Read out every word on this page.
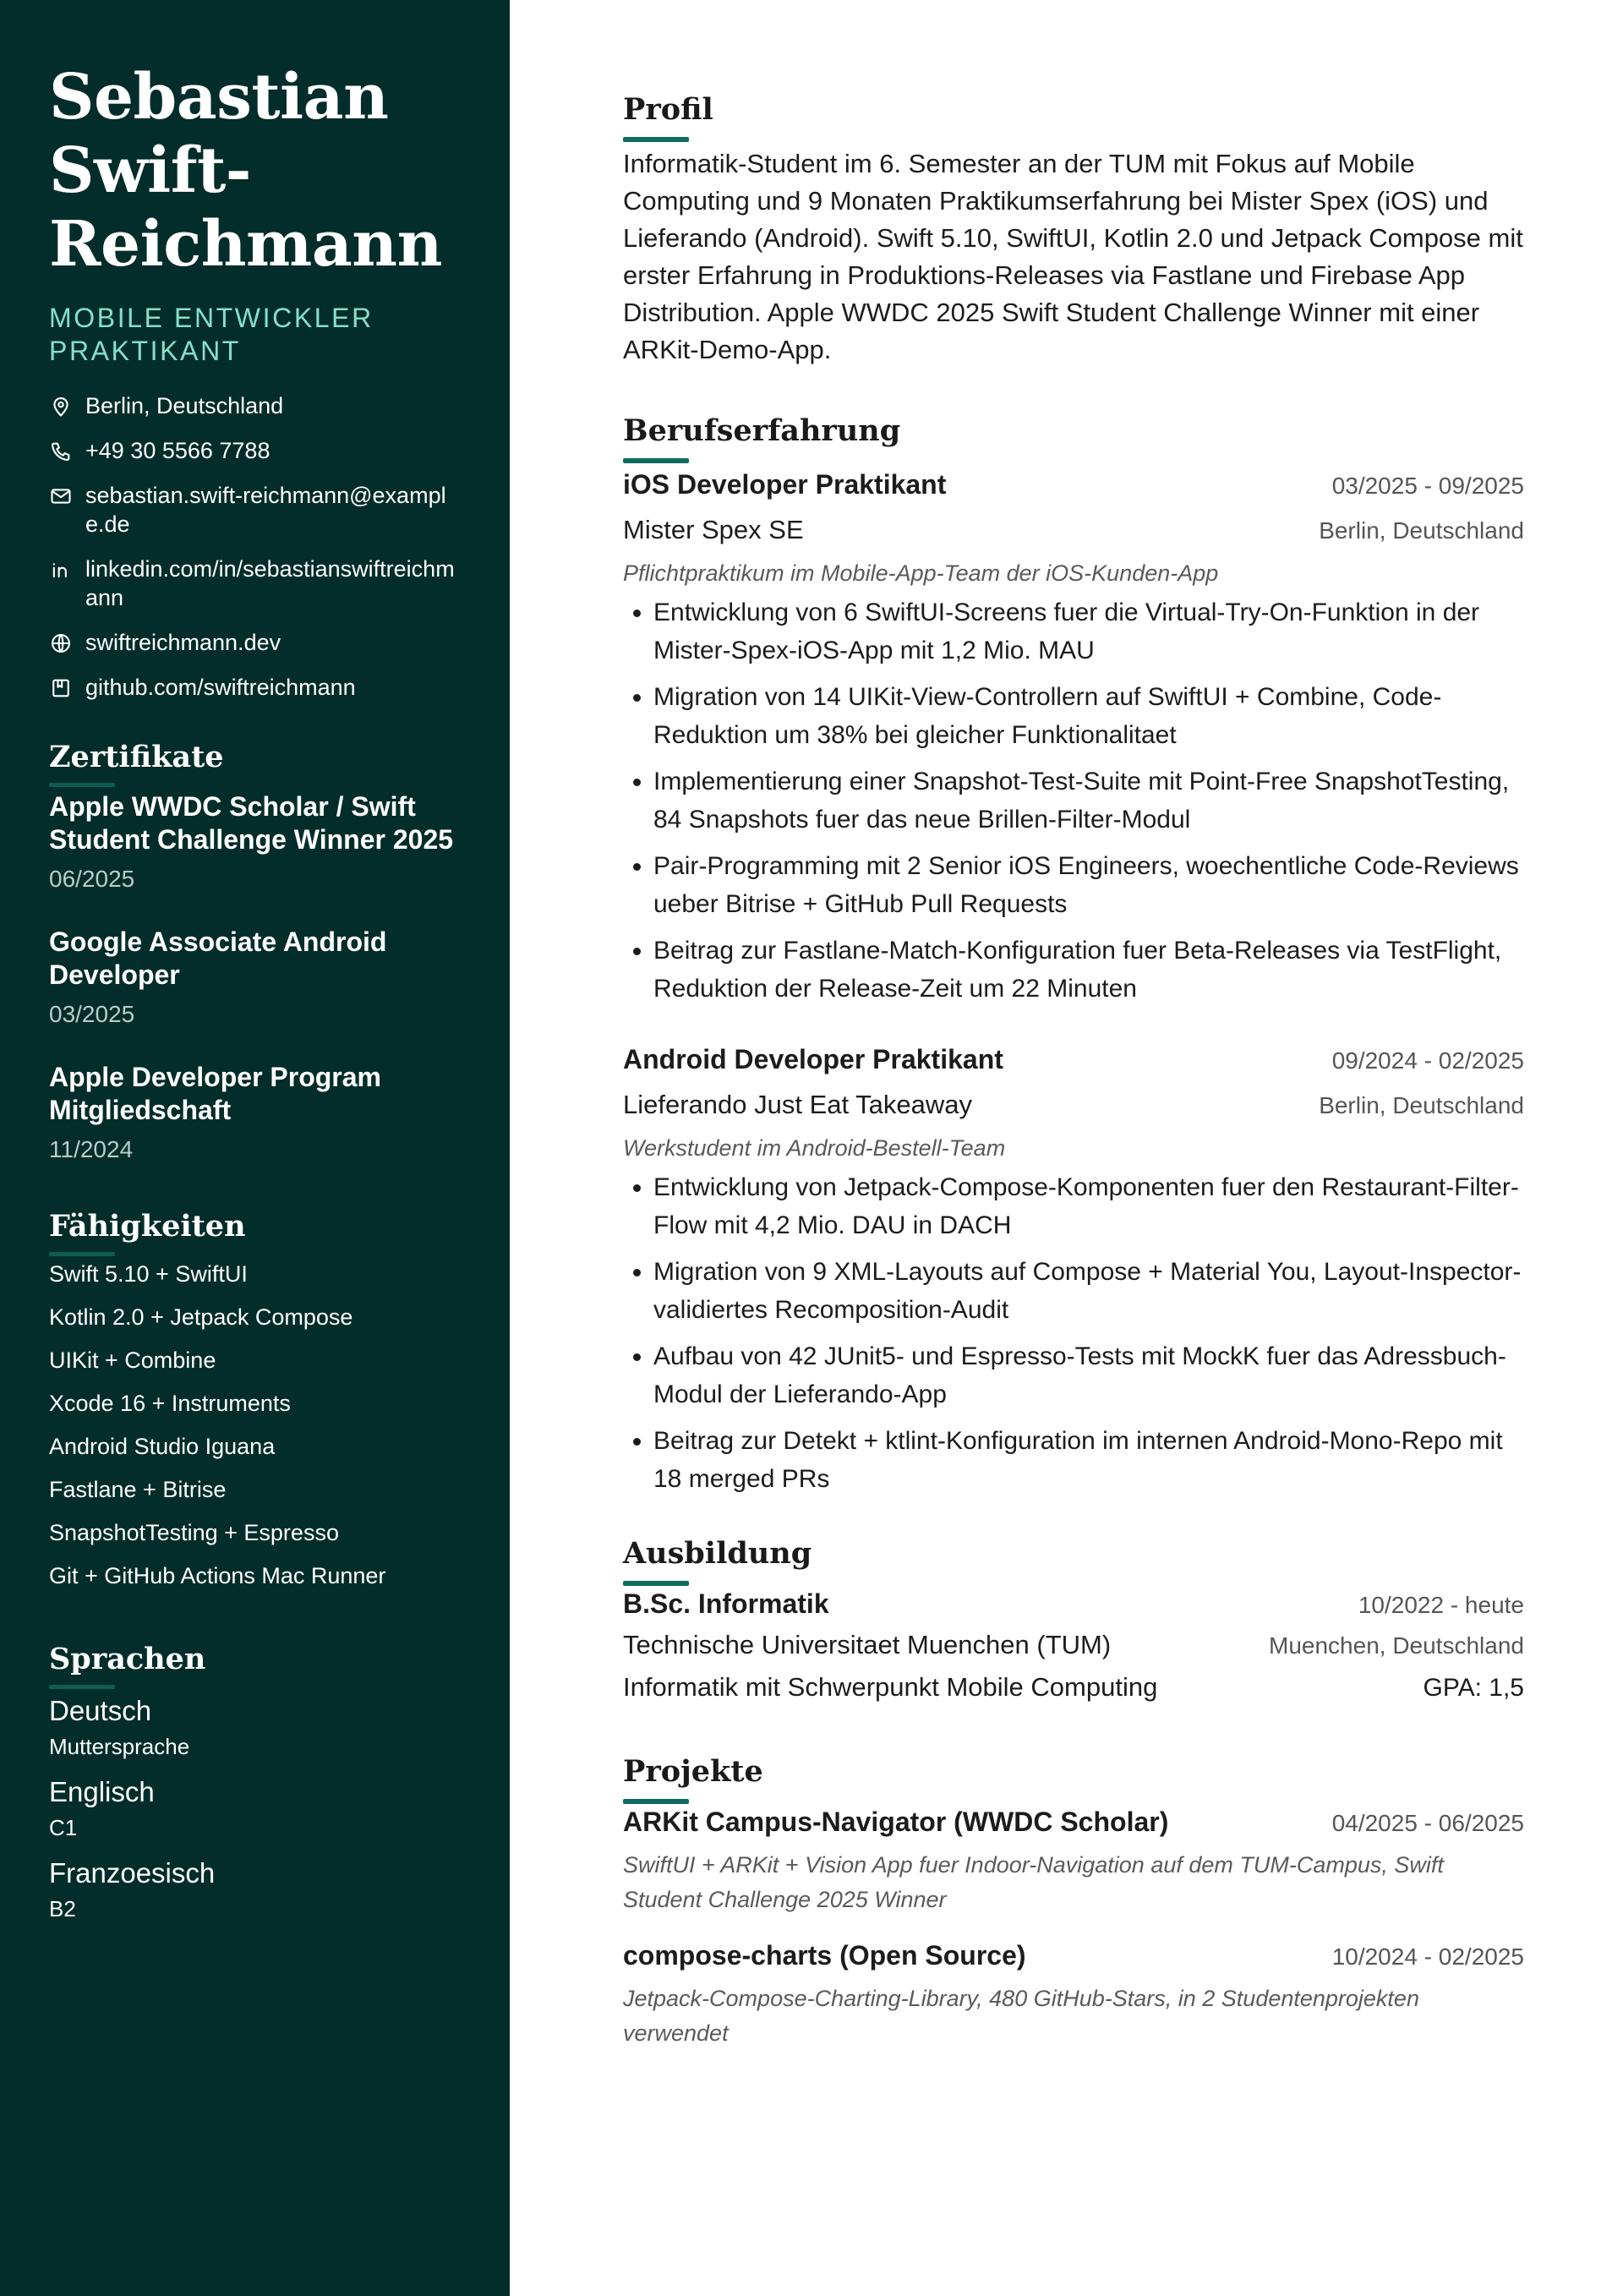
Sebastian
Swift-
Reichmann
MOBILE ENTWICKLER
PRAKTIKANT
Berlin, Deutschland
+49 30 5566 7788
sebastian.swift-reichmann@example.de
linkedin.com/in/sebastianswiftreichmann
swiftreichmann.dev
github.com/swiftreichmann
Zertifikate
Apple WWDC Scholar / Swift Student Challenge Winner 2025
06/2025
Google Associate Android Developer
03/2025
Apple Developer Program Mitgliedschaft
11/2024
Fähigkeiten
Swift 5.10 + SwiftUI
Kotlin 2.0 + Jetpack Compose
UIKit + Combine
Xcode 16 + Instruments
Android Studio Iguana
Fastlane + Bitrise
SnapshotTesting + Espresso
Git + GitHub Actions Mac Runner
Sprachen
Deutsch
Muttersprache
Englisch
C1
Franzoesisch
B2
Profil

Informatik-Student im 6. Semester an der TUM mit Fokus auf Mobile Computing und 9 Monaten Praktikumserfahrung bei Mister Spex (iOS) und Lieferando (Android). Swift 5.10, SwiftUI, Kotlin 2.0 und Jetpack Compose mit erster Erfahrung in Produktions-Releases via Fastlane und Firebase App Distribution. Apple WWDC 2025 Swift Student Challenge Winner mit einer ARKit-Demo-App.

Berufserfahrung
iOS Developer Praktikant	03/2025 - 09/2025
Mister Spex SE	Berlin, Deutschland
Pflichtpraktikum im Mobile-App-Team der iOS-Kunden-App
• Entwicklung von 6 SwiftUI-Screens fuer die Virtual-Try-On-Funktion in der Mister-Spex-iOS-App mit 1,2 Mio. MAU
• Migration von 14 UIKit-View-Controllern auf SwiftUI + Combine, Code-Reduktion um 38% bei gleicher Funktionalitaet
• Implementierung einer Snapshot-Test-Suite mit Point-Free SnapshotTesting, 84 Snapshots fuer das neue Brillen-Filter-Modul
• Pair-Programming mit 2 Senior iOS Engineers, woechentliche Code-Reviews ueber Bitrise + GitHub Pull Requests
• Beitrag zur Fastlane-Match-Konfiguration fuer Beta-Releases via TestFlight, Reduktion der Release-Zeit um 22 Minuten
Android Developer Praktikant	09/2024 - 02/2025
Lieferando Just Eat Takeaway	Berlin, Deutschland
Werkstudent im Android-Bestell-Team
• Entwicklung von Jetpack-Compose-Komponenten fuer den Restaurant-Filter-Flow mit 4,2 Mio. DAU in DACH
• Migration von 9 XML-Layouts auf Compose + Material You, Layout-Inspector-validiertes Recomposition-Audit
• Aufbau von 42 JUnit5- und Espresso-Tests mit MockK fuer das Adressbuch-Modul der Lieferando-App
• Beitrag zur Detekt + ktlint-Konfiguration im internen Android-Mono-Repo mit 18 merged PRs
Ausbildung
B.Sc. Informatik	10/2022 - heute
Technische Universitaet Muenchen (TUM)	Muenchen, Deutschland
Informatik mit Schwerpunkt Mobile Computing	GPA: 1,5
Projekte
ARKit Campus-Navigator (WWDC Scholar)	04/2025 - 06/2025
SwiftUI + ARKit + Vision App fuer Indoor-Navigation auf dem TUM-Campus, Swift Student Challenge 2025 Winner
compose-charts (Open Source)	10/2024 - 02/2025
Jetpack-Compose-Charting-Library, 480 GitHub-Stars, in 2 Studentenprojekten verwendet
